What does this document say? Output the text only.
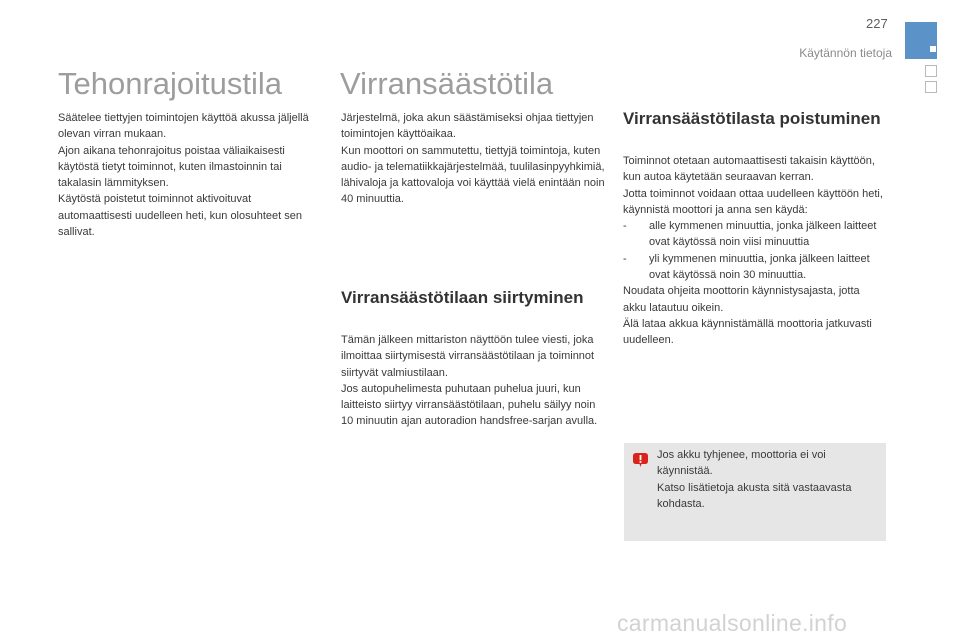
227
Käytännön tietoja
Tehonrajoitustila

Säätelee tiettyjen toimintojen käyttöä akussa jäljellä olevan virran mukaan.

Ajon aikana tehonrajoitus poistaa väliaikaisesti käytöstä tietyt toiminnot, kuten ilmastoinnin tai takalasin lämmityksen.

Käytöstä poistetut toiminnot aktivoituvat automaattisesti uudelleen heti, kun olosuhteet sen sallivat.

Virransäästötila

Järjestelmä, joka akun säästämiseksi ohjaa tiettyjen toimintojen käyttöaikaa.

Kun moottori on sammutettu, tiettyjä toimintoja, kuten audio- ja telematiikkajärjestelmää, tuulilasinpyyhkimiä, lähivaloja ja kattovaloja voi käyttää vielä enintään noin 40 minuuttia.

Virransäästötilaan siirtyminen

Tämän jälkeen mittariston näyttöön tulee viesti, joka ilmoittaa siirtymisestä virransäästötilaan ja toiminnot siirtyvät valmiustilaan.

Jos autopuhelimesta puhutaan puhelua juuri, kun laitteisto siirtyy virransäästötilaan, puhelu säilyy noin 10 minuutin ajan autoradion handsfree-sarjan avulla.

Virransäästötilasta poistuminen

Toiminnot otetaan automaattisesti takaisin käyttöön, kun autoa käytetään seuraavan kerran.

Jotta toiminnot voidaan ottaa uudelleen käyttöön heti, käynnistä moottori ja anna sen käydä:

-	alle kymmenen minuuttia, jonka jälkeen laitteet ovat käytössä noin viisi minuuttia
-	yli kymmenen minuuttia, jonka jälkeen laitteet ovat käytössä noin 30 minuuttia.

Noudata ohjeita moottorin käynnistysajasta, jotta akku latautuu oikein.

Älä lataa akkua käynnistämällä moottoria jatkuvasti uudelleen.

Jos akku tyhjenee, moottoria ei voi käynnistää.

Katso lisätietoja akusta sitä vastaavasta kohdasta.

carmanualsonline.info
